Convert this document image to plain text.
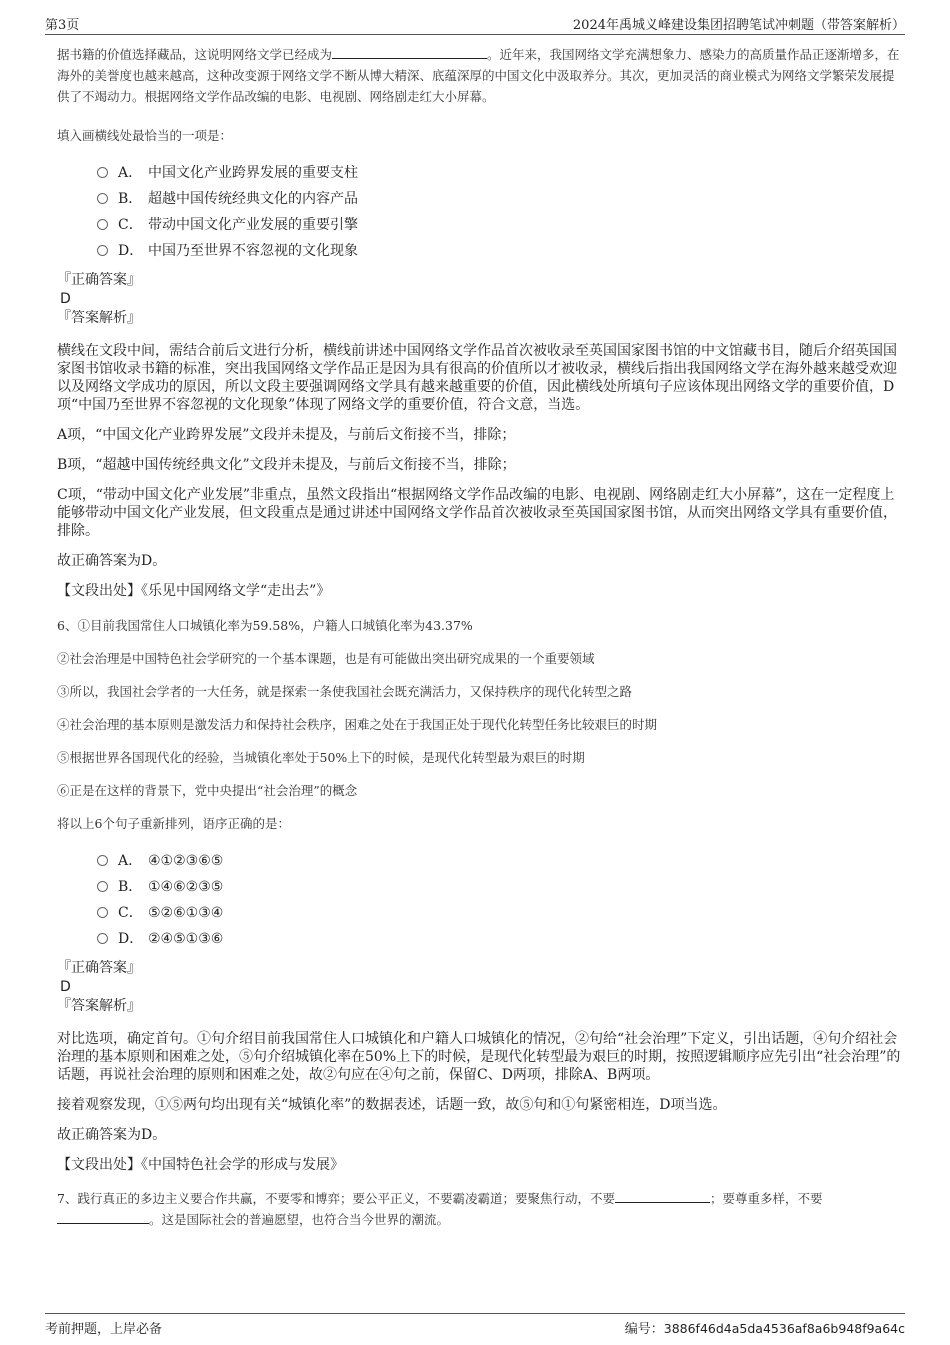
第3页	2024年禹城义峰建设集团招聘笔试冲刺题（带答案解析）

据书籍的价值选择藏品，这说明网络文学已经成为	。近年来，我国网络文学充满想象力、感染力的高质量作品正逐渐增多，在海外的美誉度也越来越高，这种改变源于网络文学不断从博大精深、底蕴深厚的中国文化中汲取养分。其次，更加灵活的商业模式为网络文学繁荣发展提供了不竭动力。根据网络文学作品改编的电影、电视剧、网络剧走红大小屏幕。

填入画横线处最恰当的一项是：

A． 中国文化产业跨界发展的重要支柱
B． 超越中国传统经典文化的内容产品
C． 带动中国文化产业发展的重要引擎
D． 中国乃至世界不容忽视的文化现象

『正确答案』

D

『答案解析』

横线在文段中间，需结合前后文进行分析，横线前讲述中国网络文学作品首次被收录至英国国家图书馆的中文馆藏书目，随后介绍英国国家图书馆收录书籍的标准，突出我国网络文学作品正是因为具有很高的价值所以才被收录，横线后指出我国网络文学在海外越来越受欢迎以及网络文学成功的原因，所以文段主要强调网络文学具有越来越重要的价值，因此横线处所填句子应该体现出网络文学的重要价值，D项“中国乃至世界不容忽视的文化现象”体现了网络文学的重要价值，符合文意，当选。

A项，“中国文化产业跨界发展”文段并未提及，与前后文衔接不当，排除；

B项，“超越中国传统经典文化”文段并未提及，与前后文衔接不当，排除；

C项，“带动中国文化产业发展”非重点，虽然文段指出“根据网络文学作品改编的电影、电视剧、网络剧走红大小屏幕”，这在一定程度上能够带动中国文化产业发展，但文段重点是通过讲述中国网络文学作品首次被收录至英国国家图书馆，从而突出网络文学具有重要价值，排除。

故正确答案为D。

【文段出处】《乐见中国网络文学“走出去”》

6、①目前我国常住人口城镇化率为59.58%，户籍人口城镇化率为43.37%

②社会治理是中国特色社会学研究的一个基本课题，也是有可能做出突出研究成果的一个重要领域

③所以，我国社会学者的一大任务，就是探索一条使我国社会既充满活力，又保持秩序的现代化转型之路

④社会治理的基本原则是激发活力和保持社会秩序，困难之处在于我国正处于现代化转型任务比较艰巨的时期

⑤根据世界各国现代化的经验，当城镇化率处于50%上下的时候，是现代化转型最为艰巨的时期

⑥正是在这样的背景下，党中央提出“社会治理”的概念

将以上6个句子重新排列，语序正确的是：

A． ④①②③⑥⑤
B． ①④⑥②③⑤
C． ⑤②⑥①③④
D． ②④⑤①③⑥

『正确答案』

D

『答案解析』

对比选项，确定首句。①句介绍目前我国常住人口城镇化和户籍人口城镇化的情况，②句给“社会治理”下定义，引出话题，④句介绍社会治理的基本原则和困难之处，⑤句介绍城镇化率在50%上下的时候，是现代化转型最为艰巨的时期，按照逻辑顺序应先引出“社会治理”的话题，再说社会治理的原则和困难之处，故②句应在④句之前，保留C、D两项，排除A、B两项。

接着观察发现，①⑤两句均出现有关“城镇化率”的数据表述，话题一致，故⑤句和①句紧密相连，D项当选。

故正确答案为D。

【文段出处】《中国特色社会学的形成与发展》

7、践行真正的多边主义要合作共赢，不要零和博弈；要公平正义，不要霸凌霸道；要聚焦行动，不要	；要尊重多样，不要。这是国际社会的普遍愿望，也符合当今世界的潮流。

考前押题，上岸必备	编号：3886f46d4a5da4536af8a6b948f9a64c
